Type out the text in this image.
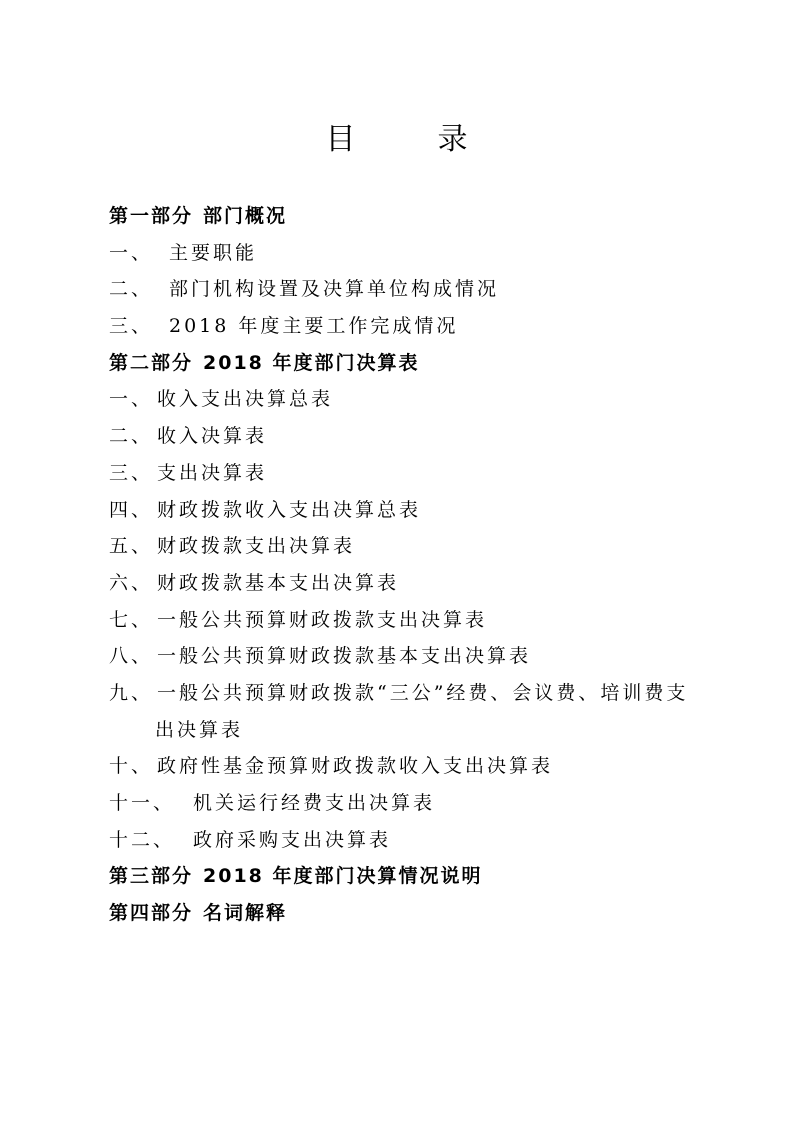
目　录
第一部分 部门概况
一、 主要职能
二、 部门机构设置及决算单位构成情况
三、 2018 年度主要工作完成情况
第二部分 2018 年度部门决算表
一、 收入支出决算总表
二、 收入决算表
三、 支出决算表
四、 财政拨款收入支出决算总表
五、 财政拨款支出决算表
六、 财政拨款基本支出决算表
七、 一般公共预算财政拨款支出决算表
八、 一般公共预算财政拨款基本支出决算表
九、 一般公共预算财政拨款“三公”经费、会议费、培训费支
出决算表
十、 政府性基金预算财政拨款收入支出决算表
十一、 机关运行经费支出决算表
十二、 政府采购支出决算表
第三部分 2018 年度部门决算情况说明
第四部分 名词解释
